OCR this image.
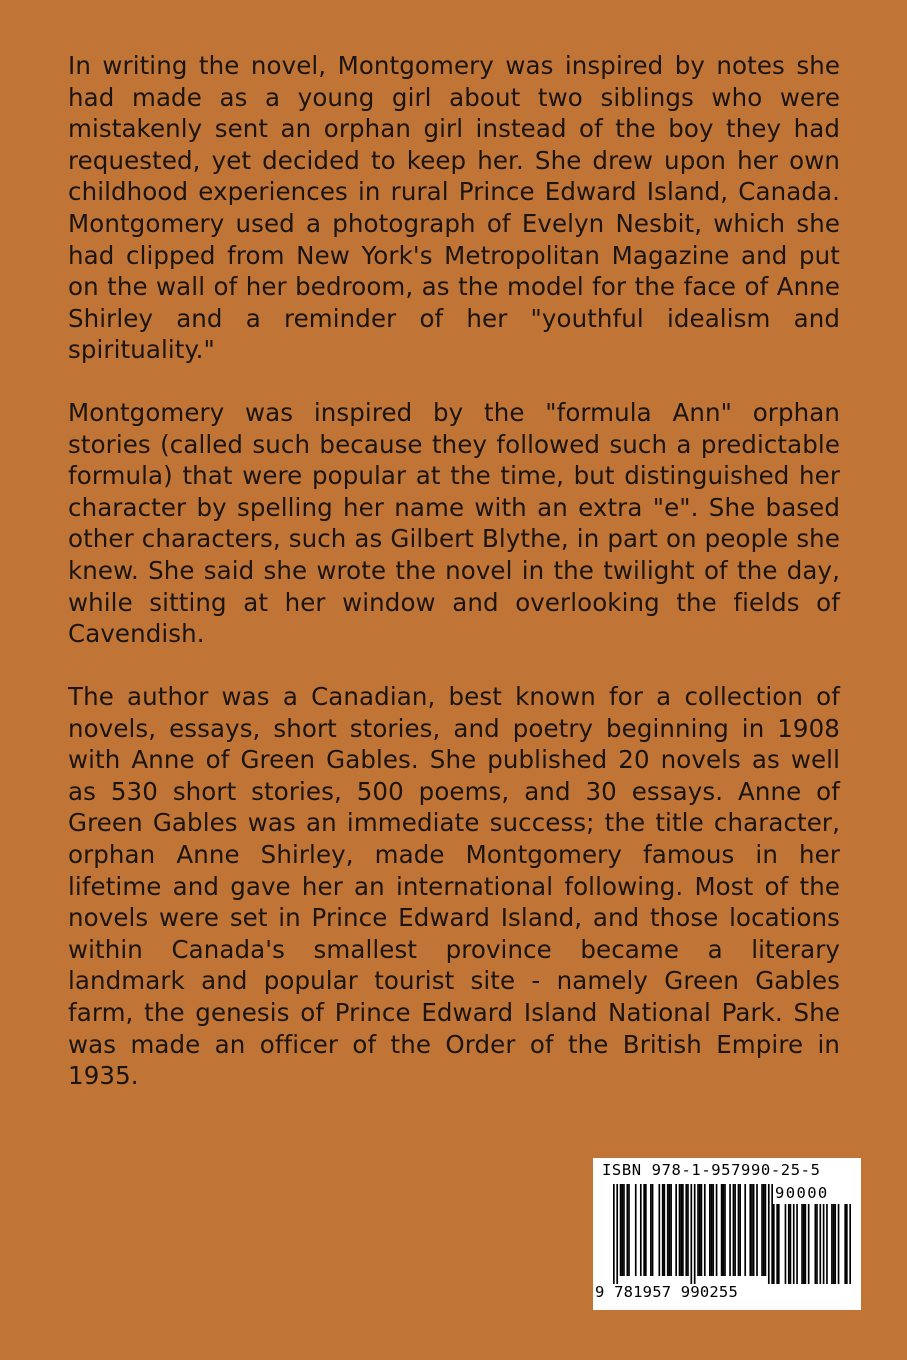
In writing the novel, Montgomery was inspired by notes she had made as a young girl about two siblings who were mistakenly sent an orphan girl instead of the boy they had requested, yet decided to keep her. She drew upon her own childhood experiences in rural Prince Edward Island, Canada. Montgomery used a photograph of Evelyn Nesbit, which she had clipped from New York's Metropolitan Magazine and put on the wall of her bedroom, as the model for the face of Anne Shirley and a reminder of her "youthful idealism and spirituality."

Montgomery was inspired by the "formula Ann" orphan stories (called such because they followed such a predictable formula) that were popular at the time, but distinguished her character by spelling her name with an extra "e". She based other characters, such as Gilbert Blythe, in part on people she knew. She said she wrote the novel in the twilight of the day, while sitting at her window and overlooking the fields of Cavendish.

The author was a Canadian, best known for a collection of novels, essays, short stories, and poetry beginning in 1908 with Anne of Green Gables. She published 20 novels as well as 530 short stories, 500 poems, and 30 essays. Anne of Green Gables was an immediate success; the title character, orphan Anne Shirley, made Montgomery famous in her lifetime and gave her an international following. Most of the novels were set in Prince Edward Island, and those locations within Canada's smallest province became a literary landmark and popular tourist site - namely Green Gables farm, the genesis of Prince Edward Island National Park. She was made an officer of the Order of the British Empire in 1935.

ISBN 978-1-957990-25-5
90000
9 781957 990255
